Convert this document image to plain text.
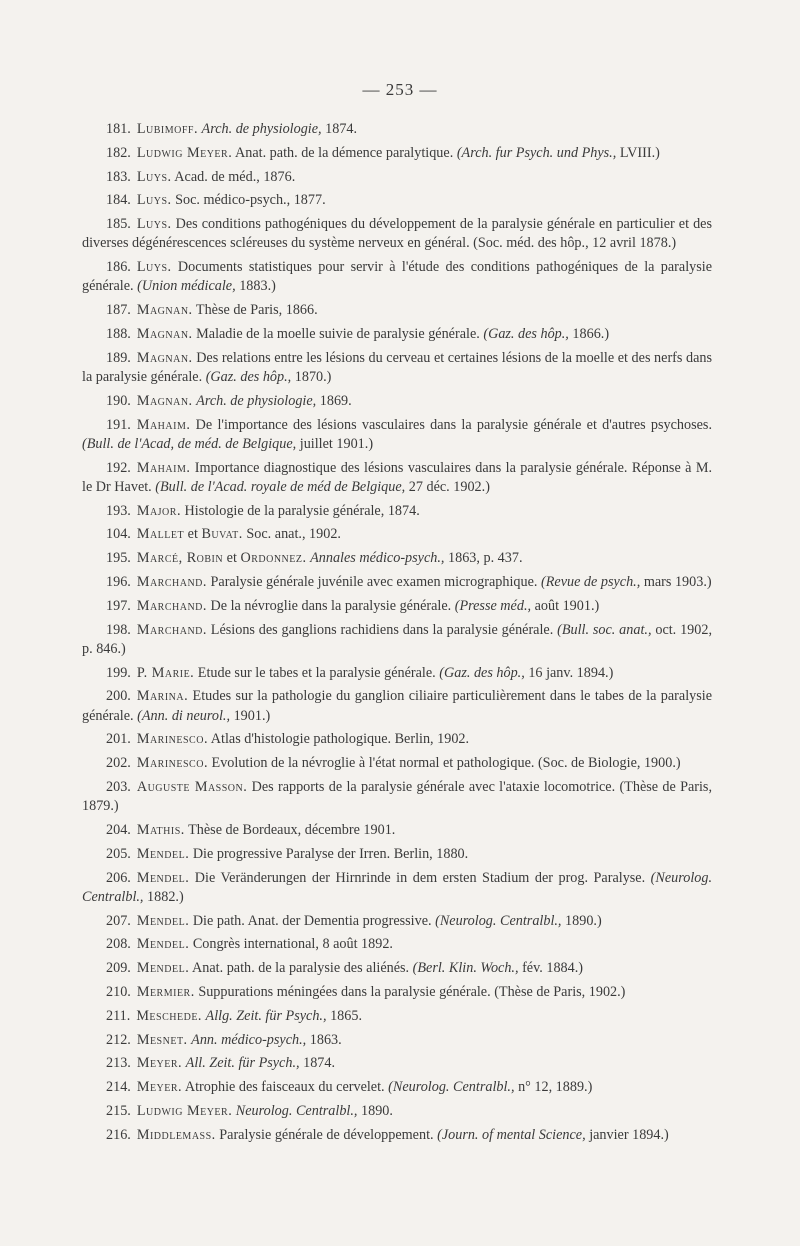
— 253 —

181. Lubimoff. Arch. de physiologie, 1874.

182. Ludwig Meyer. Anat. path. de la démence paralytique. (Arch. fur Psych. und Phys., LVIII.)

183. Luys. Acad. de méd., 1876.

184. Luys. Soc. médico-psych., 1877.

185. Luys. Des conditions pathogéniques du développement de la paralysie générale en particulier et des diverses dégénérescences scléreuses du système nerveux en général. (Soc. méd. des hôp., 12 avril 1878.)

186. Luys. Documents statistiques pour servir à l'étude des conditions pathogéniques de la paralysie générale. (Union médicale, 1883.)

187. Magnan. Thèse de Paris, 1866.

188. Magnan. Maladie de la moelle suivie de paralysie générale. (Gaz. des hôp., 1866.)

189. Magnan. Des relations entre les lésions du cerveau et certaines lésions de la moelle et des nerfs dans la paralysie générale. (Gaz. des hôp., 1870.)

190. Magnan. Arch. de physiologie, 1869.

191. Mahaim. De l'importance des lésions vasculaires dans la paralysie générale et d'autres psychoses. (Bull. de l'Acad, de méd. de Belgique, juillet 1901.)

192. Mahaim. Importance diagnostique des lésions vasculaires dans la paralysie générale. Réponse à M. le Dr Havet. (Bull. de l'Acad. royale de méd de Belgique, 27 déc. 1902.)

193. Major. Histologie de la paralysie générale, 1874.

104. Mallet et Buvat. Soc. anat., 1902.

195. Marcé, Robin et Ordonnez. Annales médico-psych., 1863, p. 437.

196. Marchand. Paralysie générale juvénile avec examen micrographique. (Revue de psych., mars 1903.)

197. Marchand. De la névroglie dans la paralysie générale. (Presse méd., août 1901.)

198. Marchand. Lésions des ganglions rachidiens dans la paralysie générale. (Bull. soc. anat., oct. 1902, p. 846.)

199. P. Marie. Etude sur le tabes et la paralysie générale. (Gaz. des hôp., 16 janv. 1894.)

200. Marina. Etudes sur la pathologie du ganglion ciliaire particulièrement dans le tabes de la paralysie générale. (Ann. di neurol., 1901.)

201. Marinesco. Atlas d'histologie pathologique. Berlin, 1902.

202. Marinesco. Evolution de la névroglie à l'état normal et pathologique. (Soc. de Biologie, 1900.)

203. Auguste Masson. Des rapports de la paralysie générale avec l'ataxie locomotrice. (Thèse de Paris, 1879.)

204. Mathis. Thèse de Bordeaux, décembre 1901.

205. Mendel. Die progressive Paralyse der Irren. Berlin, 1880.

206. Mendel. Die Veränderungen der Hirnrinde in dem ersten Stadium der prog. Paralyse. (Neurolog. Centralbl., 1882.)

207. Mendel. Die path. Anat. der Dementia progressive. (Neurolog. Centralbl., 1890.)

208. Mendel. Congrès international, 8 août 1892.

209. Mendel. Anat. path. de la paralysie des aliénés. (Berl. Klin. Woch., fév. 1884.)

210. Mermier. Suppurations méningées dans la paralysie générale. (Thèse de Paris, 1902.)

211. Meschede. Allg. Zeit. für Psych., 1865.

212. Mesnet. Ann. médico-psych., 1863.

213. Meyer. All. Zeit. für Psych., 1874.

214. Meyer. Atrophie des faisceaux du cervelet. (Neurolog. Centralbl., n° 12, 1889.)

215. Ludwig Meyer. Neurolog. Centralbl., 1890.

216. Middlemass. Paralysie générale de développement. (Journ. of mental Science, janvier 1894.)
